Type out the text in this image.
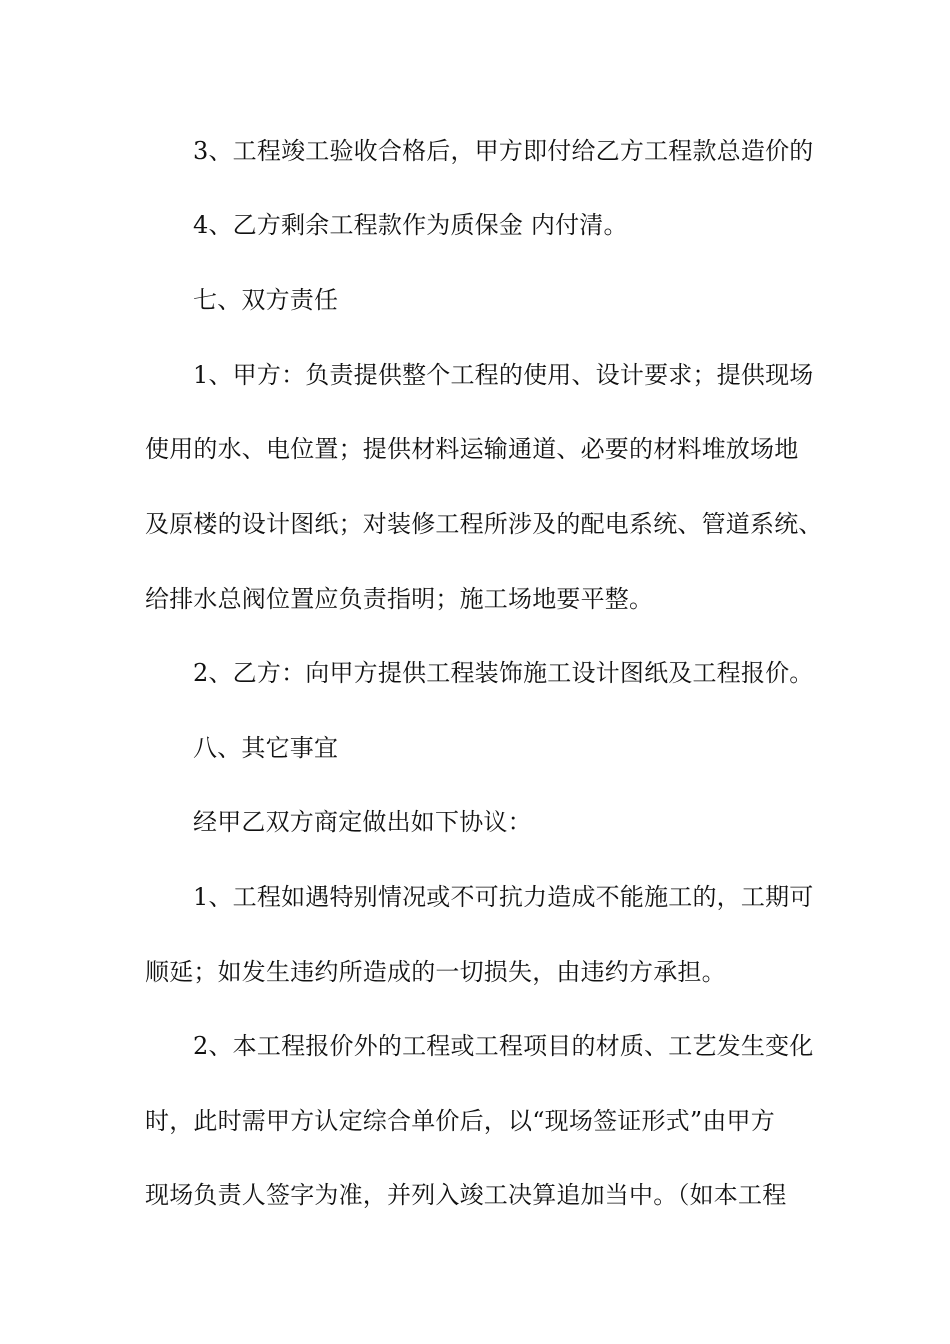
3、工程竣工验收合格后，甲方即付给乙方工程款总造价的
4、乙方剩余工程款作为质保金 内付清。
七、双方责任
1、甲方：负责提供整个工程的使用、设计要求；提供现场
使用的水、电位置；提供材料运输通道、必要的材料堆放场地
及原楼的设计图纸；对装修工程所涉及的配电系统、管道系统、
给排水总阀位置应负责指明；施工场地要平整。
2、乙方：向甲方提供工程装饰施工设计图纸及工程报价。
八、其它事宜
经甲乙双方商定做出如下协议：
1、工程如遇特别情况或不可抗力造成不能施工的，工期可
顺延；如发生违约所造成的一切损失，由违约方承担。
2、本工程报价外的工程或工程项目的材质、工艺发生变化
时，此时需甲方认定综合单价后，以“现场签证形式”由甲方
现场负责人签字为准，并列入竣工决算追加当中。（如本工程
